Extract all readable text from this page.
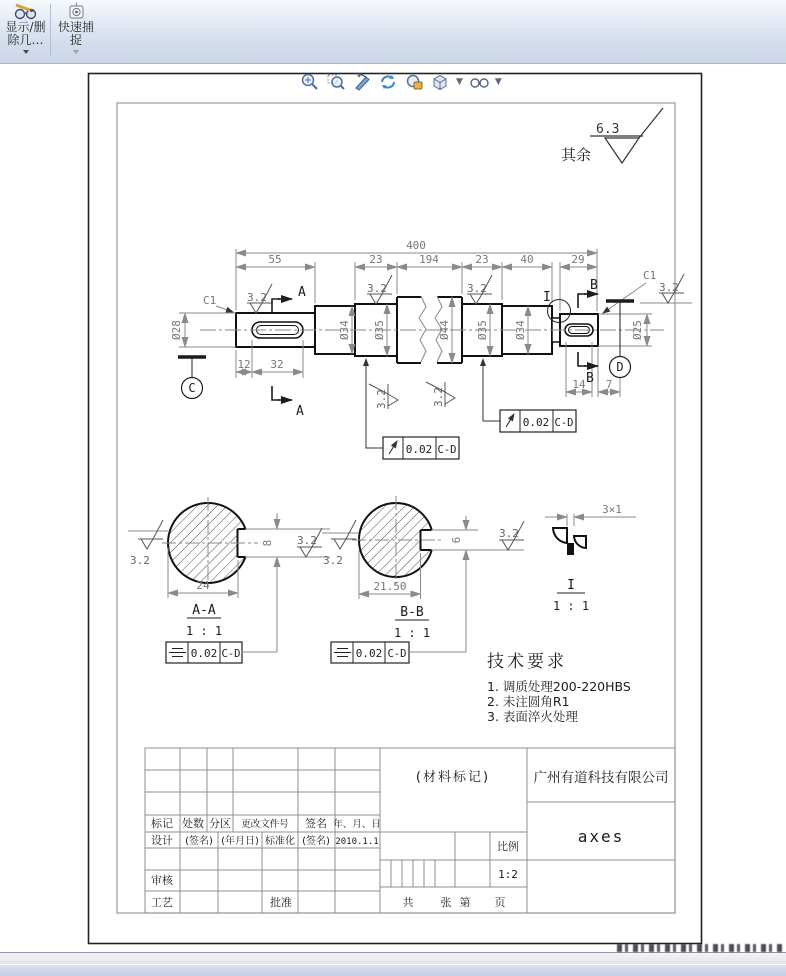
显示/删
除几…
快速捕
捉
▼	▼
其余
6.3
400
55	23	194	23	40	29
12 32
14 7
Ø28	Ø34 Ø35	Ø44 Ø35 Ø34	Ø25
C1
C1
3.2
3.2	3.2	3.2
3.2	3.2
C
D
A
A
B
B
I
0.02 C-D
0.02 C-D
24
8
3.2
3.2
A-A
1 : 1
0.02 C-D
21.50
6
3.2
3.2
B-B
1 : 1
0.02 C-D
3×1
I
1 : 1
技术要求
1. 调质处理200-220HBS
2. 未注圆角R1
3. 表面淬火处理
标记 处数 分区 更改文件号 签名 年、月、日
设计 (签名) (年月日) 标准化 (签名) 2010.1.1
审核
工艺	批准
(材料标记)	广州有道科技有限公司
axes
比例
1:2
共 张 第 页
